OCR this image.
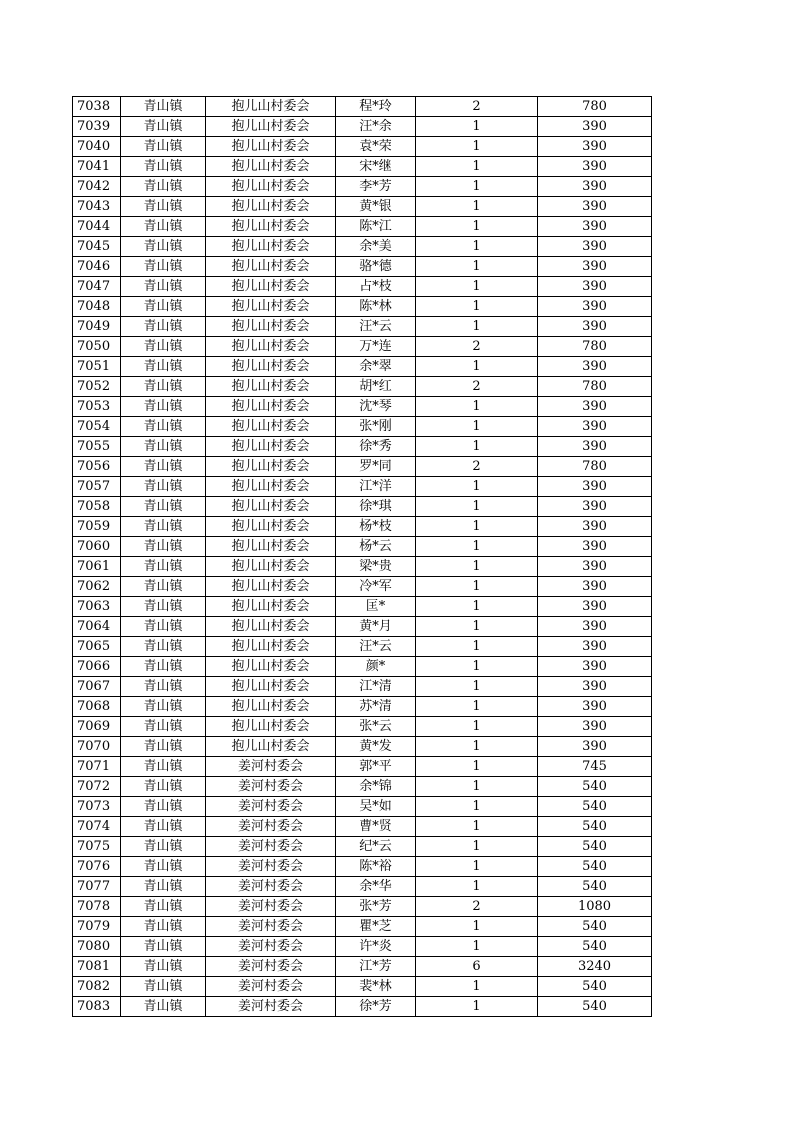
7038	青山镇	抱儿山村委会	程*玲	2	780
7039	青山镇	抱儿山村委会	汪*余	1	390
7040	青山镇	抱儿山村委会	袁*荣	1	390
7041	青山镇	抱儿山村委会	宋*继	1	390
7042	青山镇	抱儿山村委会	李*芳	1	390
7043	青山镇	抱儿山村委会	黄*银	1	390
7044	青山镇	抱儿山村委会	陈*江	1	390
7045	青山镇	抱儿山村委会	余*美	1	390
7046	青山镇	抱儿山村委会	骆*德	1	390
7047	青山镇	抱儿山村委会	占*枝	1	390
7048	青山镇	抱儿山村委会	陈*林	1	390
7049	青山镇	抱儿山村委会	汪*云	1	390
7050	青山镇	抱儿山村委会	万*连	2	780
7051	青山镇	抱儿山村委会	余*翠	1	390
7052	青山镇	抱儿山村委会	胡*红	2	780
7053	青山镇	抱儿山村委会	沈*琴	1	390
7054	青山镇	抱儿山村委会	张*刚	1	390
7055	青山镇	抱儿山村委会	徐*秀	1	390
7056	青山镇	抱儿山村委会	罗*同	2	780
7057	青山镇	抱儿山村委会	江*洋	1	390
7058	青山镇	抱儿山村委会	徐*琪	1	390
7059	青山镇	抱儿山村委会	杨*枝	1	390
7060	青山镇	抱儿山村委会	杨*云	1	390
7061	青山镇	抱儿山村委会	梁*贵	1	390
7062	青山镇	抱儿山村委会	冷*军	1	390
7063	青山镇	抱儿山村委会	匡*	1	390
7064	青山镇	抱儿山村委会	黄*月	1	390
7065	青山镇	抱儿山村委会	汪*云	1	390
7066	青山镇	抱儿山村委会	颜*	1	390
7067	青山镇	抱儿山村委会	江*清	1	390
7068	青山镇	抱儿山村委会	苏*清	1	390
7069	青山镇	抱儿山村委会	张*云	1	390
7070	青山镇	抱儿山村委会	黄*发	1	390
7071	青山镇	姜河村委会	郭*平	1	745
7072	青山镇	姜河村委会	余*锦	1	540
7073	青山镇	姜河村委会	吴*如	1	540
7074	青山镇	姜河村委会	曹*贤	1	540
7075	青山镇	姜河村委会	纪*云	1	540
7076	青山镇	姜河村委会	陈*裕	1	540
7077	青山镇	姜河村委会	余*华	1	540
7078	青山镇	姜河村委会	张*芳	2	1080
7079	青山镇	姜河村委会	瞿*芝	1	540
7080	青山镇	姜河村委会	许*炎	1	540
7081	青山镇	姜河村委会	江*芳	6	3240
7082	青山镇	姜河村委会	裴*林	1	540
7083	青山镇	姜河村委会	徐*芳	1	540
